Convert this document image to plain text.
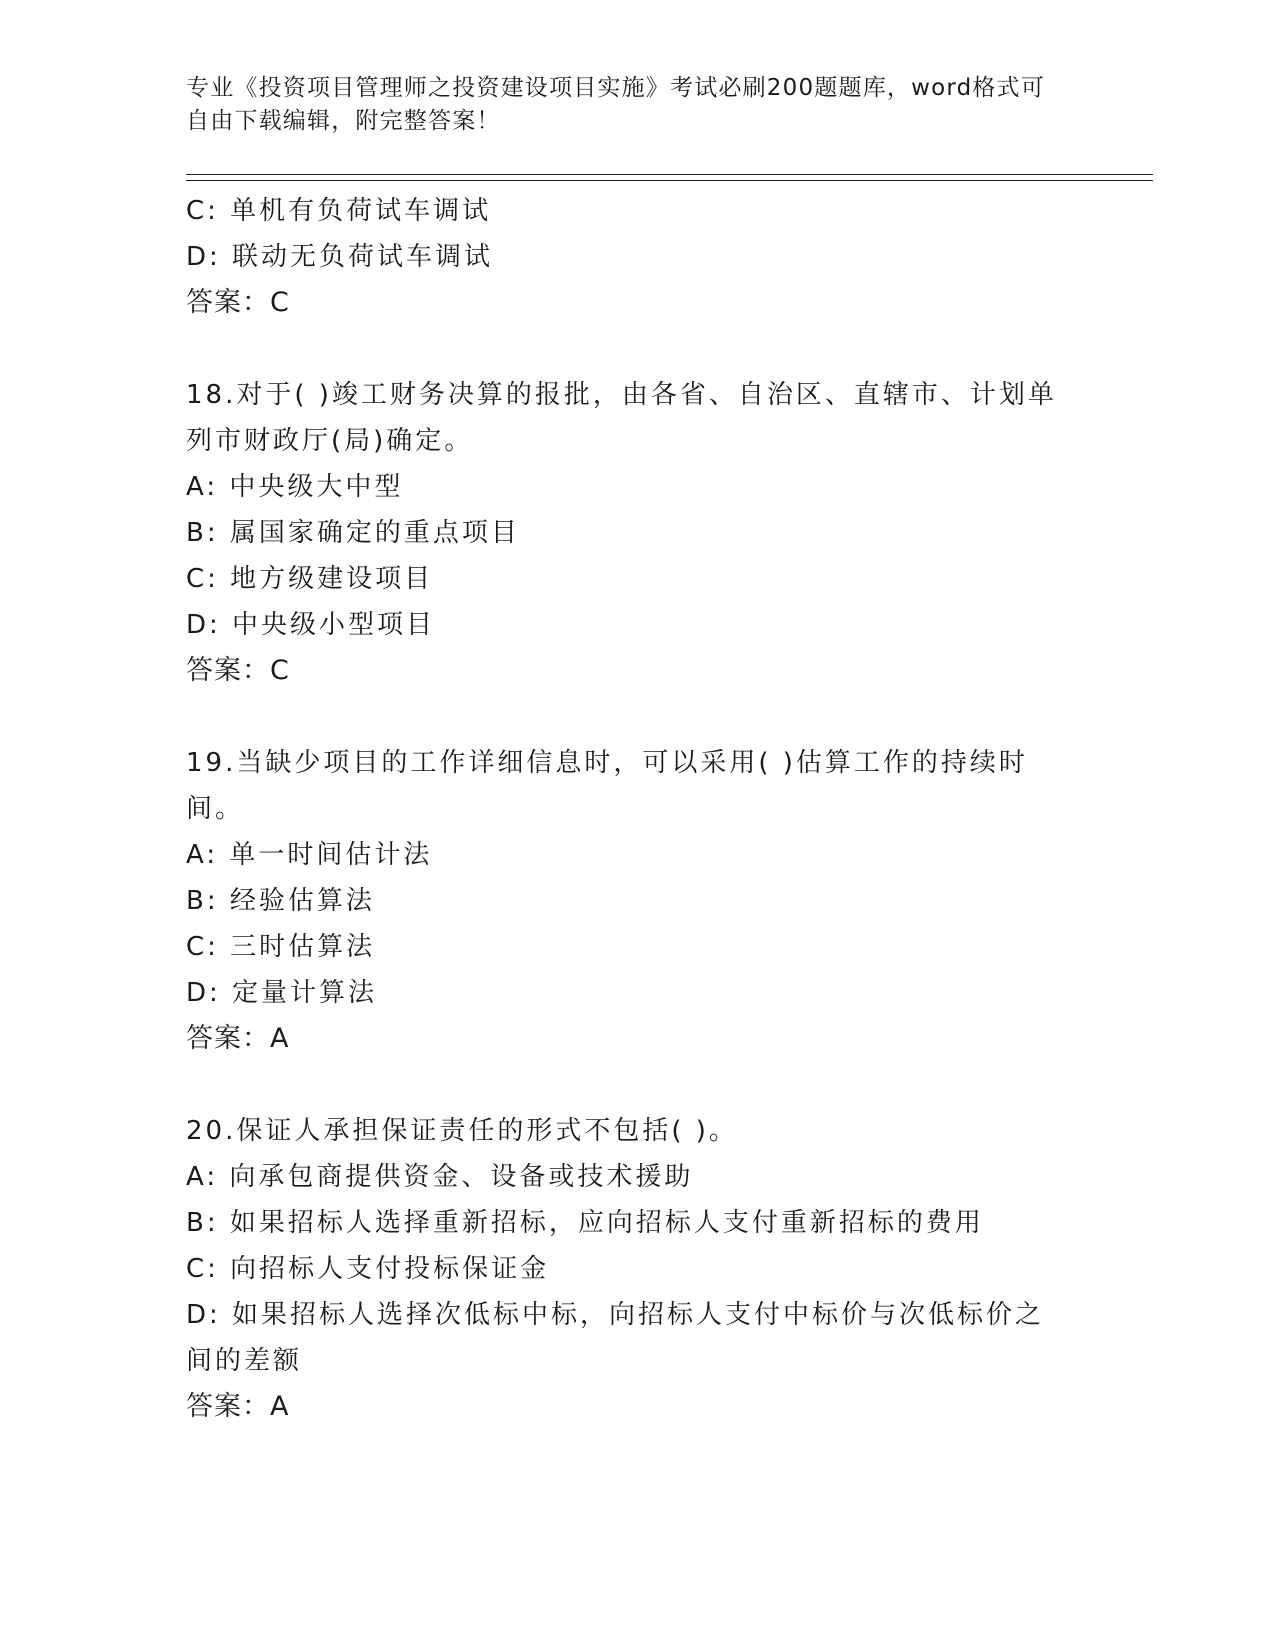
专业《投资项目管理师之投资建设项目实施》考试必刷200题题库，word格式可自由下载编辑，附完整答案！
C: 单机有负荷试车调试
D: 联动无负荷试车调试
答案：C
18.对于( )竣工财务决算的报批，由各省、自治区、直辖市、计划单列市财政厅(局)确定。
A: 中央级大中型
B: 属国家确定的重点项目
C: 地方级建设项目
D: 中央级小型项目
答案：C
19.当缺少项目的工作详细信息时，可以采用( )估算工作的持续时间。
A: 单一时间估计法
B: 经验估算法
C: 三时估算法
D: 定量计算法
答案：A
20.保证人承担保证责任的形式不包括( )。
A: 向承包商提供资金、设备或技术援助
B: 如果招标人选择重新招标，应向招标人支付重新招标的费用
C: 向招标人支付投标保证金
D: 如果招标人选择次低标中标，向招标人支付中标价与次低标价之间的差额
答案：A
